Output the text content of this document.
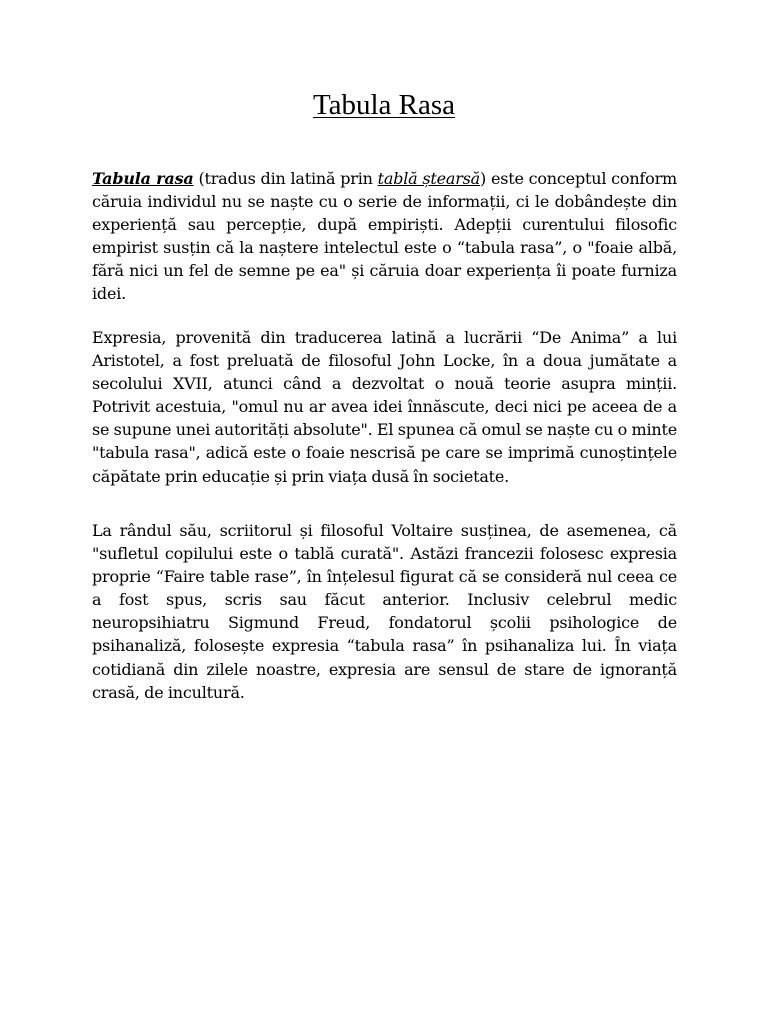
Tabula Rasa

Tabula rasa (tradus din latină prin tablă ștearsă) este conceptul conform căruia individul nu se naște cu o serie de informații, ci le dobândește din experiență sau percepție, după empiriști. Adepții curentului filosofic empirist susțin că la naștere intelectul este o “tabula rasa”, o "foaie albă, fără nici un fel de semne pe ea" și căruia doar experiența îi poate furniza idei.

Expresia, provenită din traducerea latină a lucrării “De Anima” a lui Aristotel, a fost preluată de filosoful John Locke, în a doua jumătate a secolului XVII, atunci când a dezvoltat o nouă teorie asupra minții. Potrivit acestuia, "omul nu ar avea idei înnăscute, deci nici pe aceea de a se supune unei autorități absolute". El spunea că omul se naște cu o minte "tabula rasa", adică este o foaie nescrisă pe care se imprimă cunoștințele căpătate prin educație și prin viața dusă în societate.

La rândul său, scriitorul și filosoful Voltaire susținea, de asemenea, că "sufletul copilului este o tablă curată". Astăzi francezii folosesc expresia proprie “Faire table rase”, în înțelesul figurat că se consideră nul ceea ce a fost spus, scris sau făcut anterior. Inclusiv celebrul medic neuropsihiatru Sigmund Freud, fondatorul școlii psihologice de psihanaliză, folosește expresia “tabula rasa” în psihanaliza lui. În viața cotidiană din zilele noastre, expresia are sensul de stare de ignoranță crasă, de incultură.
